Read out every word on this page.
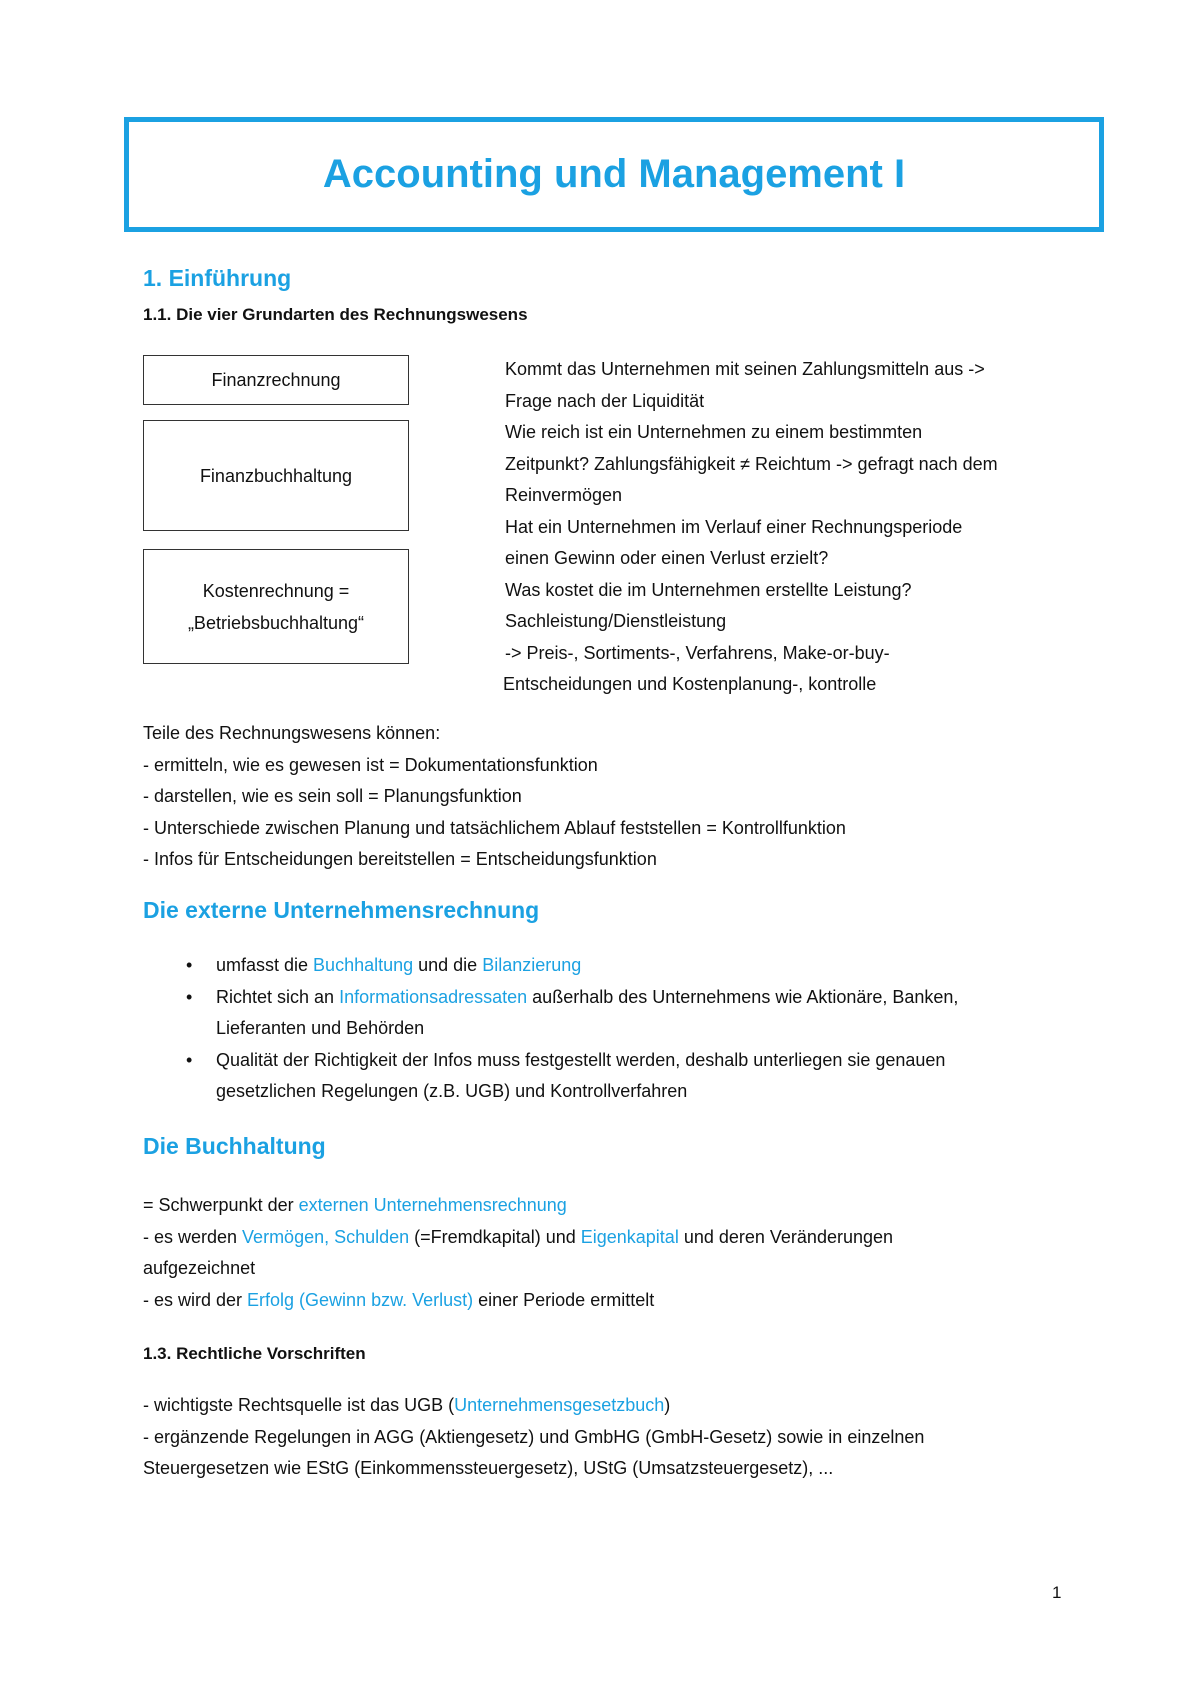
Accounting und Management I
1. Einführung
1.1. Die vier Grundarten des Rechnungswesens
Finanzrechnung
Finanzbuchhaltung
Kostenrechnung =
„Betriebsbuchhaltung“
Kommt das Unternehmen mit seinen Zahlungsmitteln aus ->
Frage nach der Liquidität
Wie reich ist ein Unternehmen zu einem bestimmten
Zeitpunkt? Zahlungsfähigkeit ≠ Reichtum -> gefragt nach dem
Reinvermögen
Hat ein Unternehmen im Verlauf einer Rechnungsperiode
einen Gewinn oder einen Verlust erzielt?
Was kostet die im Unternehmen erstellte Leistung?
Sachleistung/Dienstleistung
-> Preis-, Sortiments-, Verfahrens, Make-or-buy-
Entscheidungen und Kostenplanung-, kontrolle
Teile des Rechnungswesens können:
- ermitteln, wie es gewesen ist = Dokumentationsfunktion
- darstellen, wie es sein soll = Planungsfunktion
- Unterschiede zwischen Planung und tatsächlichem Ablauf feststellen = Kontrollfunktion
- Infos für Entscheidungen bereitstellen = Entscheidungsfunktion
Die externe Unternehmensrechnung
• umfasst die Buchhaltung und die Bilanzierung
• Richtet sich an Informationsadressaten außerhalb des Unternehmens wie Aktionäre, Banken,
Lieferanten und Behörden
• Qualität der Richtigkeit der Infos muss festgestellt werden, deshalb unterliegen sie genauen
gesetzlichen Regelungen (z.B. UGB) und Kontrollverfahren
Die Buchhaltung
= Schwerpunkt der externen Unternehmensrechnung
- es werden Vermögen, Schulden (=Fremdkapital) und Eigenkapital und deren Veränderungen
aufgezeichnet
- es wird der Erfolg (Gewinn bzw. Verlust) einer Periode ermittelt
1.3. Rechtliche Vorschriften
- wichtigste Rechtsquelle ist das UGB (Unternehmensgesetzbuch)
- ergänzende Regelungen in AGG (Aktiengesetz) und GmbHG (GmbH-Gesetz) sowie in einzelnen
Steuergesetzen wie EStG (Einkommenssteuergesetz), UStG (Umsatzsteuergesetz), ...
1
